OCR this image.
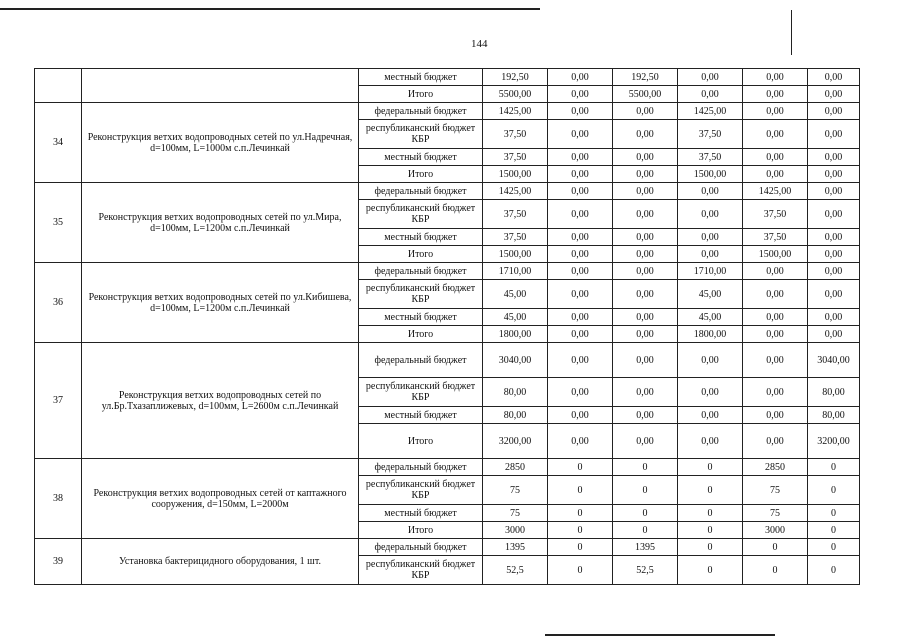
144
		местный бюджет	192,50	0,00	192,50	0,00	0,00	0,00
		Итого	5500,00	0,00	5500,00	0,00	0,00	0,00
34	Реконструкция ветхих водопроводных сетей по ул.Надречная, d=100мм, L=1000м с.п.Лечинкай	федеральный бюджет	1425,00	0,00	0,00	1425,00	0,00	0,00
		республиканский бюджет КБР	37,50	0,00	0,00	37,50	0,00	0,00
		местный бюджет	37,50	0,00	0,00	37,50	0,00	0,00
		Итого	1500,00	0,00	0,00	1500,00	0,00	0,00
35	Реконструкция ветхих водопроводных сетей по ул.Мира, d=100мм, L=1200м с.п.Лечинкай	федеральный бюджет	1425,00	0,00	0,00	0,00	1425,00	0,00
		республиканский бюджет КБР	37,50	0,00	0,00	0,00	37,50	0,00
		местный бюджет	37,50	0,00	0,00	0,00	37,50	0,00
		Итого	1500,00	0,00	0,00	0,00	1500,00	0,00
36	Реконструкция ветхих водопроводных сетей по ул.Кибишева, d=100мм, L=1200м с.п.Лечинкай	федеральный бюджет	1710,00	0,00	0,00	1710,00	0,00	0,00
		республиканский бюджет КБР	45,00	0,00	0,00	45,00	0,00	0,00
		местный бюджет	45,00	0,00	0,00	45,00	0,00	0,00
		Итого	1800,00	0,00	0,00	1800,00	0,00	0,00
37	Реконструкция ветхих водопроводных сетей по ул.Бр.Тхазаплижевых, d=100мм, L=2600м с.п.Лечинкай	федеральный бюджет	3040,00	0,00	0,00	0,00	0,00	3040,00
		республиканский бюджет КБР	80,00	0,00	0,00	0,00	0,00	80,00
		местный бюджет	80,00	0,00	0,00	0,00	0,00	80,00
		Итого	3200,00	0,00	0,00	0,00	0,00	3200,00
38	Реконструкция ветхих водопроводных сетей от каптажного сооружения, d=150мм, L=2000м	федеральный бюджет	2850	0	0	0	2850	0
		республиканский бюджет КБР	75	0	0	0	75	0
		местный бюджет	75	0	0	0	75	0
		Итого	3000	0	0	0	3000	0
39	Установка бактерицидного оборудования, 1 шт.	федеральный бюджет	1395	0	1395	0	0	0
		республиканский бюджет КБР	52,5	0	52,5	0	0	0
